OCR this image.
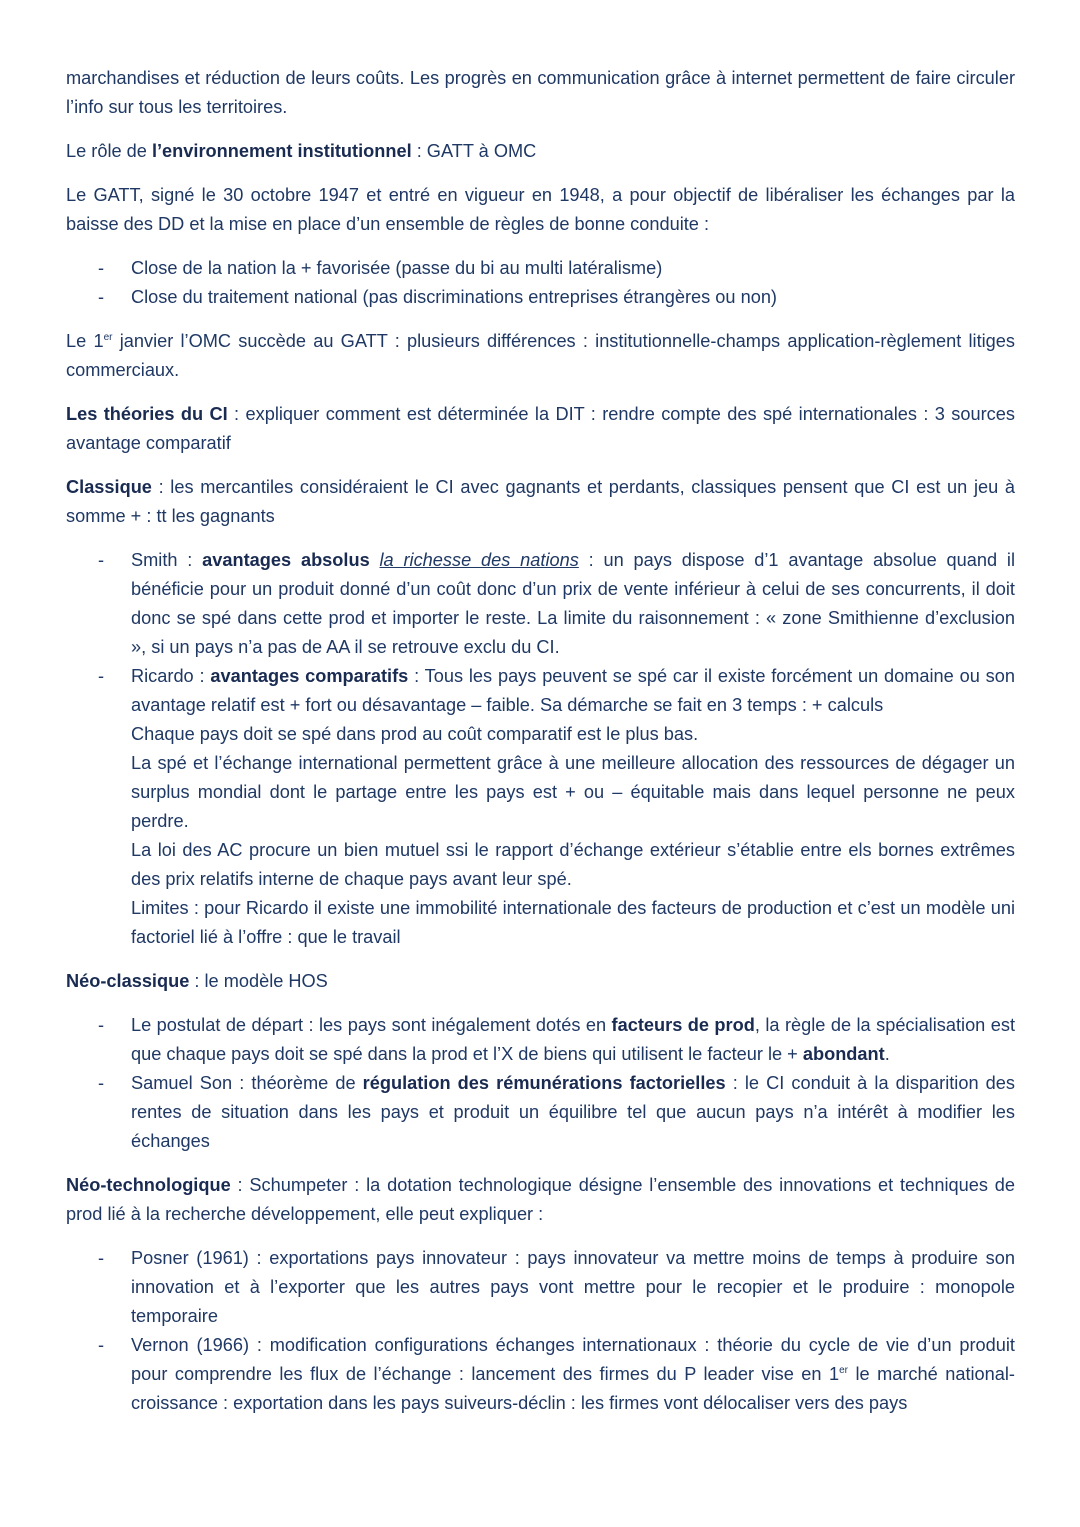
marchandises et réduction de leurs coûts. Les progrès en communication grâce à internet permettent de faire circuler l’info sur tous les territoires.

Le rôle de l’environnement institutionnel : GATT à OMC

Le GATT, signé le 30 octobre 1947 et entré en vigueur en 1948, a pour objectif de libéraliser les échanges par la baisse des DD et la mise en place d’un ensemble de règles de bonne conduite :

- Close de la nation la + favorisée (passe du bi au multi latéralisme)
- Close du traitement national (pas discriminations entreprises étrangères ou non)

Le 1er janvier l’OMC succède au GATT : plusieurs différences : institutionnelle-champs application-règlement litiges commerciaux.

Les théories du CI : expliquer comment est déterminée la DIT : rendre compte des spé internationales : 3 sources avantage comparatif

Classique : les mercantiles considéraient le CI avec gagnants et perdants, classiques pensent que CI est un jeu à somme + : tt les gagnants

- Smith : avantages absolus la richesse des nations : un pays dispose d’1 avantage absolue quand il bénéficie pour un produit donné d’un coût donc d’un prix de vente inférieur à celui de ses concurrents, il doit donc se spé dans cette prod et importer le reste. La limite du raisonnement : « zone Smithienne d’exclusion », si un pays n’a pas de AA il se retrouve exclu du CI.
- Ricardo : avantages comparatifs : Tous les pays peuvent se spé car il existe forcément un domaine ou son avantage relatif est + fort ou désavantage – faible. Sa démarche se fait en 3 temps : + calculs
Chaque pays doit se spé dans prod au coût comparatif est le plus bas.
La spé et l’échange international permettent grâce à une meilleure allocation des ressources de dégager un surplus mondial dont le partage entre les pays est + ou – équitable mais dans lequel personne ne peux perdre.
La loi des AC procure un bien mutuel ssi le rapport d’échange extérieur s’établie entre els bornes extrêmes des prix relatifs interne de chaque pays avant leur spé.
Limites : pour Ricardo il existe une immobilité internationale des facteurs de production et c’est un modèle uni factoriel lié à l’offre : que le travail

Néo-classique : le modèle HOS

- Le postulat de départ : les pays sont inégalement dotés en facteurs de prod, la règle de la spécialisation est que chaque pays doit se spé dans la prod et l’X de biens qui utilisent le facteur le + abondant.
- Samuel Son : théorème de régulation des rémunérations factorielles : le CI conduit à la disparition des rentes de situation dans les pays et produit un équilibre tel que aucun pays n’a intérêt à modifier les échanges

Néo-technologique : Schumpeter : la dotation technologique désigne l’ensemble des innovations et techniques de prod lié à la recherche développement, elle peut expliquer :

- Posner (1961) : exportations pays innovateur : pays innovateur va mettre moins de temps à produire son innovation et à l’exporter que les autres pays vont mettre pour le recopier et le produire : monopole temporaire
- Vernon (1966) : modification configurations échanges internationaux : théorie du cycle de vie d’un produit pour comprendre les flux de l’échange : lancement des firmes du P leader vise en 1er le marché national-croissance : exportation dans les pays suiveurs-déclin : les firmes vont délocaliser vers des pays
